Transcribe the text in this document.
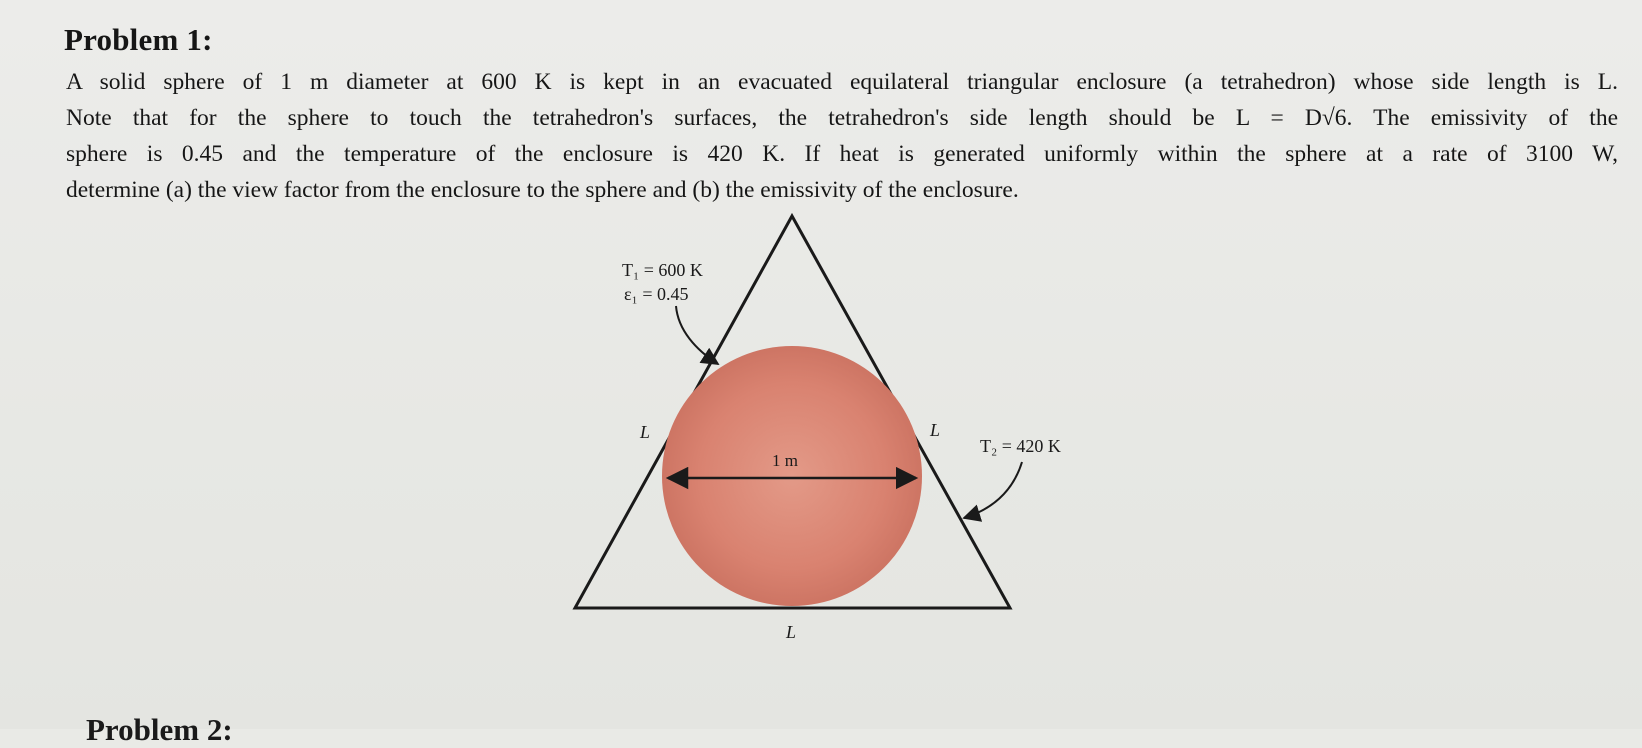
Problem 1:

A solid sphere of 1 m diameter at 600 K is kept in an evacuated equilateral triangular enclosure (a tetrahedron) whose side length is L.
Note that for the sphere to touch the tetrahedron's surfaces, the tetrahedron's side length should be L = D√6. The emissivity of the
sphere is 0.45 and the temperature of the enclosure is 420 K. If heat is generated uniformly within the sphere at a rate of 3100 W,
determine (a) the view factor from the enclosure to the sphere and (b) the emissivity of the enclosure.

1 m
T₁ = 600 K
ε₁ = 0.45
L	L
L
T₂ = 420 K
Problem 2:
